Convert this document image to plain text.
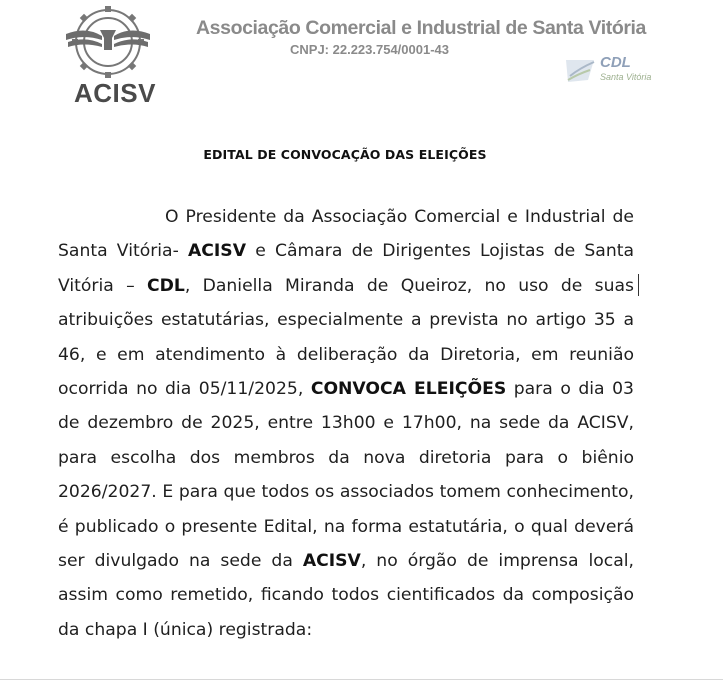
ACISV
Associação Comercial e Industrial de Santa Vitória
CNPJ: 22.223.754/0001-43
CDL
Santa Vitória
EDITAL DE CONVOCAÇÃO DAS ELEIÇÕES

O Presidente da Associação Comercial e Industrial de Santa Vitória- ACISV e Câmara de Dirigentes Lojistas de Santa Vitória – CDL, Daniella Miranda de Queiroz, no uso de suas atribuições estatutárias, especialmente a prevista no artigo 35 a 46, e em atendimento à deliberação da Diretoria, em reunião ocorrida no dia 05/11/2025, CONVOCA ELEIÇÕES para o dia 03 de dezembro de 2025, entre 13h00 e 17h00, na sede da ACISV, para escolha dos membros da nova diretoria para o biênio 2026/2027. E para que todos os associados tomem conhecimento, é publicado o presente Edital, na forma estatutária, o qual deverá ser divulgado na sede da ACISV, no órgão de imprensa local, assim como remetido, ficando todos cientificados da composição da chapa I (única) registrada:
